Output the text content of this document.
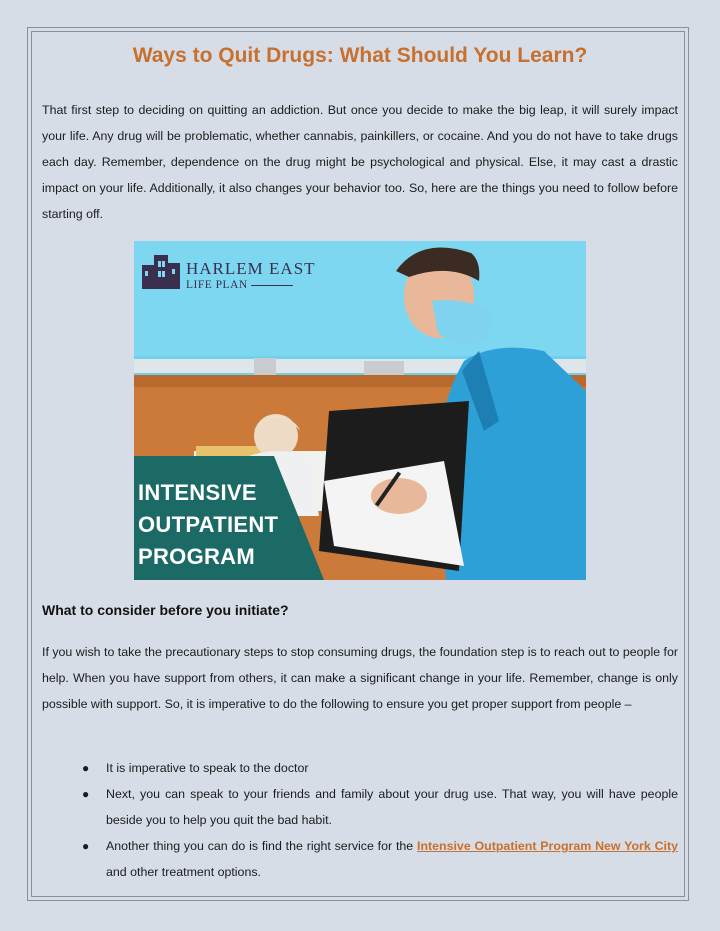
Ways to Quit Drugs: What Should You Learn?

That first step to deciding on quitting an addiction. But once you decide to make the big leap, it will surely impact your life. Any drug will be problematic, whether cannabis, painkillers, or cocaine. And you do not have to take drugs each day. Remember, dependence on the drug might be psychological and physical. Else, it may cast a drastic impact on your life. Additionally, it also changes your behavior too. So, here are the things you need to follow before starting off.

HARLEM EAST
LIFE PLAN
INTENSIVE
OUTPATIENT
PROGRAM
What to consider before you initiate?

If you wish to take the precautionary steps to stop consuming drugs, the foundation step is to reach out to people for help. When you have support from others, it can make a significant change in your life. Remember, change is only possible with support. So, it is imperative to do the following to ensure you get proper support from people –

● It is imperative to speak to the doctor
● Next, you can speak to your friends and family about your drug use. That way, you will have people beside you to help you quit the bad habit.
● Another thing you can do is find the right service for the Intensive Outpatient Program New York City and other treatment options.
